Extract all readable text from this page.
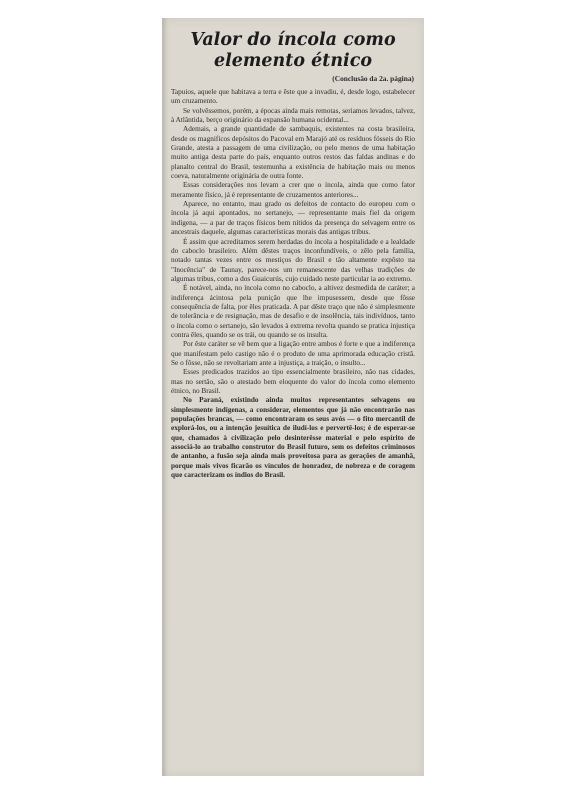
Valor do íncola como
elemento étnico
(Conclusão da 2a. página)

Tapuios, aquele que habitava a terra e êste que a invadiu, é, desde logo, estabelecer um cruzamento.

Se volvêssemos, porém, a épocas ainda mais remotas, seriamos levados, talvez, à Atlântida, berço originário da expansão humana ocidental...

Ademais, a grande quantidade de sambaquis, existentes na costa brasileira, desde os magnificos depósitos do Pacoval em Marajó até os resíduos fósseis do Rio Grande, atesta a passagem de uma civilização, ou pelo menos de uma habitação muito antiga desta parte do país, enquanto outros restos das faldas andinas e do planalto central do Brasil, testemunha a existência de habitação mais ou menos coeva, naturalmente originária de outra fonte.

Essas considerações nos levam a crer que o íncola, ainda que como fator meramente físico, já é representante de cruzamentos anteriores...

Aparece, no entanto, mau grado os defeitos de contacto do europeu com o íncola já aqui apontados, no sertanejo, — representante mais fiel da origem indígena, — a par de traços físicos bem nítidos da presença do selvagem entre os ancestrais daquele, algumas características morais das antigas tribus.

É assim que acreditamos serem herdadas do íncola a hospitalidade e a lealdade do caboclo brasileiro. Além dêstes traços inconfundíveis, o zêlo pela família, notado tantas vezes entre os mestiços do Brasil e tão altamente expôsto na "Inocência" de Taunay, parece-nos um remanescente das velhas tradições de algumas tribus, como a dos Guaicurús, cujo cuidado neste particular ia ao extremo.

É notável, ainda, no íncola como no caboclo, a altivez desmedida de caráter; a indiferença ácintosa pela punição que lhe impusessem, desde que fôsse consequência de falta, por êles praticada. A par dêste traço que não é simplesmente de tolerância e de resignação, mas de desafio e de insolência, tais indivíduos, tanto o íncola como o sertanejo, são levados à extrema revolta quando se pratica injustiça contra êles, quando se os trái, ou quando se os insulta.

Por êste caráter se vê bem que a ligação entre ambos é forte e que a indiferença que manifestam pelo castigo não é o produto de uma aprimorada educação cristã. Se o fôsse, não se revoltariam ante a injustiça, a traição, o insulto...

Esses predicados trazidos ao tipo essencialmente brasileiro, não nas cidades, mas no sertão, são o atestado bem eloquente do valor do íncola como elemento étnico, no Brasil.

No Paraná, existindo ainda muitos representantes selvagens ou simplesmente indígenas, a considerar, elementos que já não encontrarão nas populações brancas, — como encontraram os seus avós — o fito mercantil de explorá-los, ou a intenção jesuítica de iludí-los e pervertê-los; é de esperar-se que, chamados à civilização pelo desinterêsse material e pelo espírito de associá-lo ao trabalho construtor do Brasil futuro, sem os defeitos criminosos de antanho, a fusão seja ainda mais proveitosa para as gerações de amanhã, porque mais vivos ficarão os vínculos de honradez, de nobreza e de coragem que caracterizam os índios do Brasil.
